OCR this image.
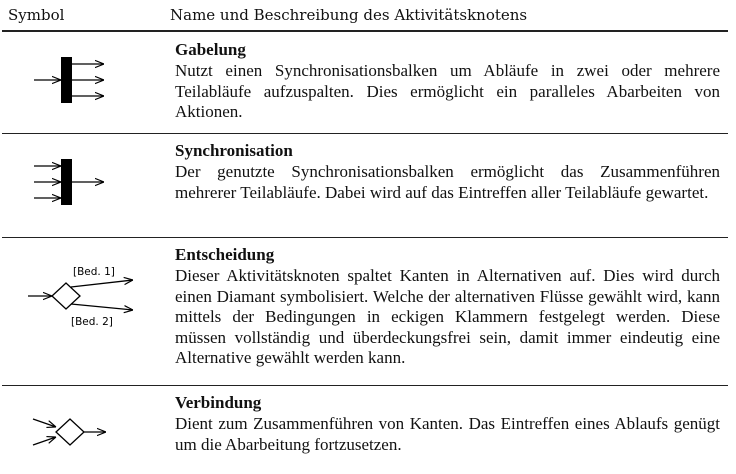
Symbol	Name und Beschreibung des Aktivitätsknotens
Gabelung

Nutzt einen Synchronisationsbalken um Abläufe in zwei oder mehrere Teilabläufe aufzuspalten. Dies ermöglicht ein paralleles Abarbeiten von Aktionen.

Synchronisation

Der genutzte Synchronisationsbalken ermöglicht das Zusammenführen mehrerer Teilabläufe. Dabei wird auf das Eintreffen aller Teilabläufe gewartet.

[Bed. 1]
[Bed. 2]
Entscheidung

Dieser Aktivitätsknoten spaltet Kanten in Alternativen auf. Dies wird durch einen Diamant symbolisiert. Welche der alternativen Flüsse gewählt wird, kann mittels der Bedingungen in eckigen Klammern festgelegt werden. Diese müssen vollständig und überdeckungsfrei sein, damit immer eindeutig eine Alternative gewählt werden kann.

Verbindung

Dient zum Zusammenführen von Kanten. Das Eintreffen eines Ablaufs genügt um die Abarbeitung fortzusetzen.
